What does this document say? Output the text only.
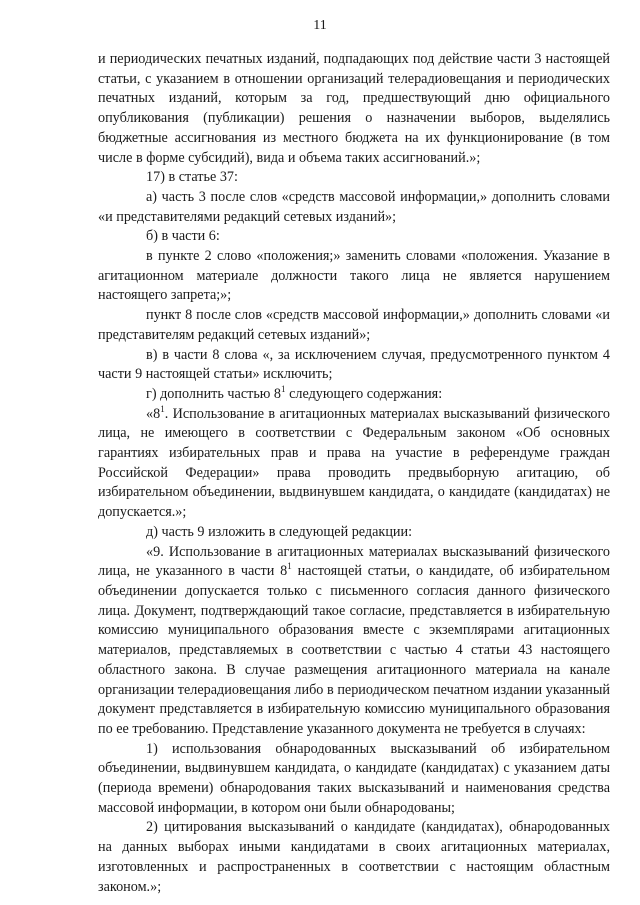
11

и периодических печатных изданий, подпадающих под действие части 3 настоящей статьи, с указанием в отношении организаций телерадиовещания и периодических печатных изданий, которым за год, предшествующий дню официального опубликования (публикации) решения о назначении выборов, выделялись бюджетные ассигнования из местного бюджета на их функционирование (в том числе в форме субсидий), вида и объема таких ассигнований.»;

17) в статье 37:

а) часть 3 после слов «средств массовой информации,» дополнить словами «и представителями редакций сетевых изданий»;

б) в части 6:

в пункте 2 слово «положения;» заменить словами «положения. Указание в агитационном материале должности такого лица не является нарушением настоящего запрета;»;

пункт 8 после слов «средств массовой информации,» дополнить словами «и представителям редакций сетевых изданий»;

в) в части 8 слова «, за исключением случая, предусмотренного пунктом 4 части 9 настоящей статьи» исключить;

г) дополнить частью $8^1$ следующего содержания:

«$8^1$. Использование в агитационных материалах высказываний физического лица, не имеющего в соответствии с Федеральным законом «Об основных гарантиях избирательных прав и права на участие в референдуме граждан Российской Федерации» права проводить предвыборную агитацию, об избирательном объединении, выдвинувшем кандидата, о кандидате (кандидатах) не допускается.»;

д) часть 9 изложить в следующей редакции:

«9. Использование в агитационных материалах высказываний физического лица, не указанного в части $8^1$ настоящей статьи, о кандидате, об избирательном объединении допускается только с письменного согласия данного физического лица. Документ, подтверждающий такое согласие, представляется в избирательную комиссию муниципального образования вместе с экземплярами агитационных материалов, представляемых в соответствии с частью 4 статьи 43 настоящего областного закона. В случае размещения агитационного материала на канале организации телерадиовещания либо в периодическом печатном издании указанный документ представляется в избирательную комиссию муниципального образования по ее требованию. Представление указанного документа не требуется в случаях:

1) использования обнародованных высказываний об избирательном объединении, выдвинувшем кандидата, о кандидате (кандидатах) с указанием даты (периода времени) обнародования таких высказываний и наименования средства массовой информации, в котором они были обнародованы;

2) цитирования высказываний о кандидате (кандидатах), обнародованных на данных выборах иными кандидатами в своих агитационных материалах, изготовленных и распространенных в соответствии с настоящим областным законом.»;
